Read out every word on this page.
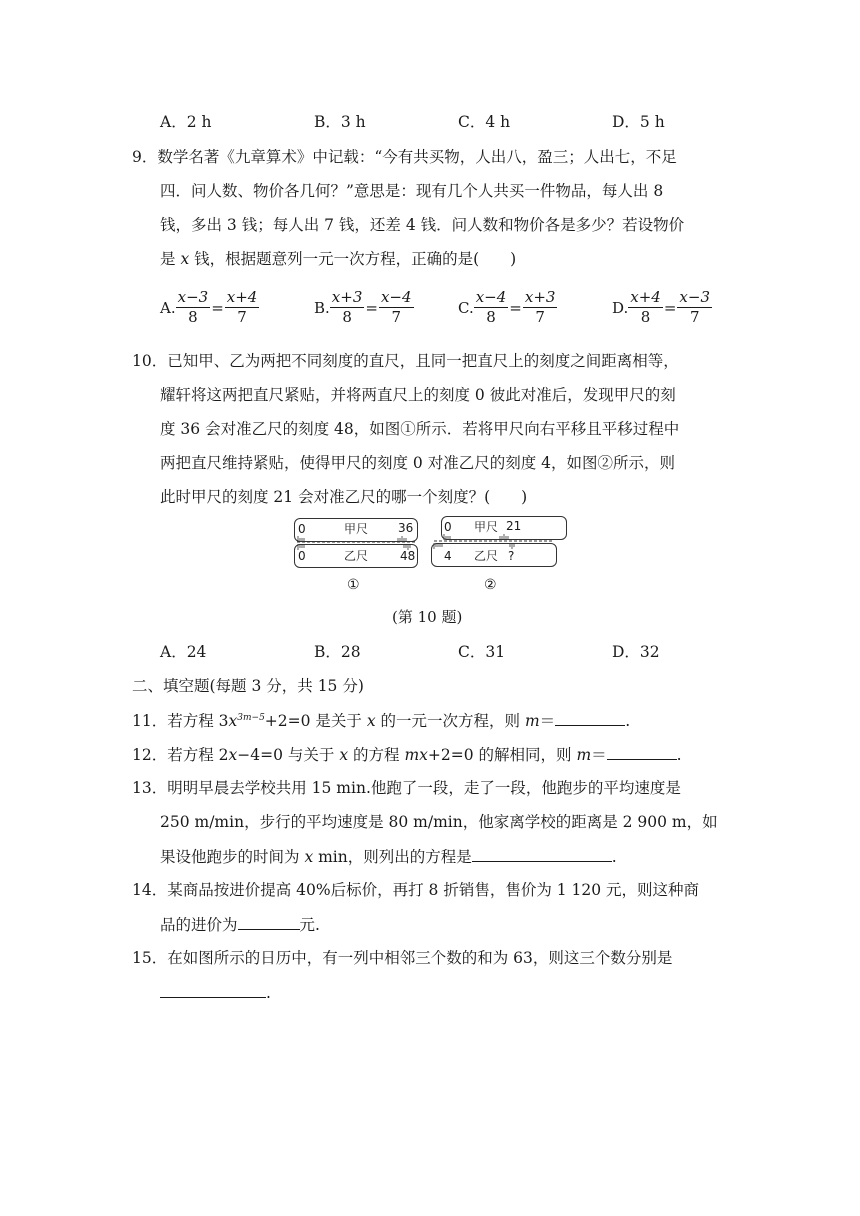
A．2 h	B．3 h	C．4 h	D．5 h
9．数学名著《九章算术》中记载：“今有共买物，人出八，盈三；人出七，不足
四．问人数、物价各几何？”意思是：现有几个人共买一件物品，每人出 8
钱，多出 3 钱；每人出 7 钱，还差 4 钱．问人数和物价各是多少？若设物价
是 x 钱，根据题意列一元一次方程，正确的是(　　)
A. $\frac{x-3}{8} = \frac{x+4}{7}$	B. $\frac{x+3}{8} = \frac{x-4}{7}$	C. $\frac{x-4}{8} = \frac{x+3}{7}$	D. $\frac{x+4}{8} = \frac{x-3}{7}$
10．已知甲、乙为两把不同刻度的直尺，且同一把直尺上的刻度之间距离相等，
耀轩将这两把直尺紧贴，并将两直尺上的刻度 0 彼此对准后，发现甲尺的刻
度 36 会对准乙尺的刻度 48，如图①所示．若将甲尺向右平移且平移过程中
两把直尺维持紧贴，使得甲尺的刻度 0 对准乙尺的刻度 4，如图②所示，则
此时甲尺的刻度 21 会对准乙尺的哪一个刻度？(　　)
0	甲尺 36
0	乙尺	48
①
0 甲尺 21
4 乙尺 ?
②
(第 10 题)
A．24	B．28	C．31	D．32
二、填空题(每题 3 分，共 15 分)
11．若方程 $3x^{3m-5}+2=0$ 是关于 x 的一元一次方程，则 m＝	.
12．若方程 2x−4=0 与关于 x 的方程 mx+2=0 的解相同，则 m＝	.
13．明明早晨去学校共用 15 min.他跑了一段，走了一段，他跑步的平均速度是
250 m/min，步行的平均速度是 80 m/min，他家离学校的距离是 2 900 m，如
果设他跑步的时间为 x min，则列出的方程是	.
14．某商品按进价提高 40%后标价，再打 8 折销售，售价为 1 120 元，则这种商
品的进价为	元.
15．在如图所示的日历中，有一列中相邻三个数的和为 63，则这三个数分别是
.
